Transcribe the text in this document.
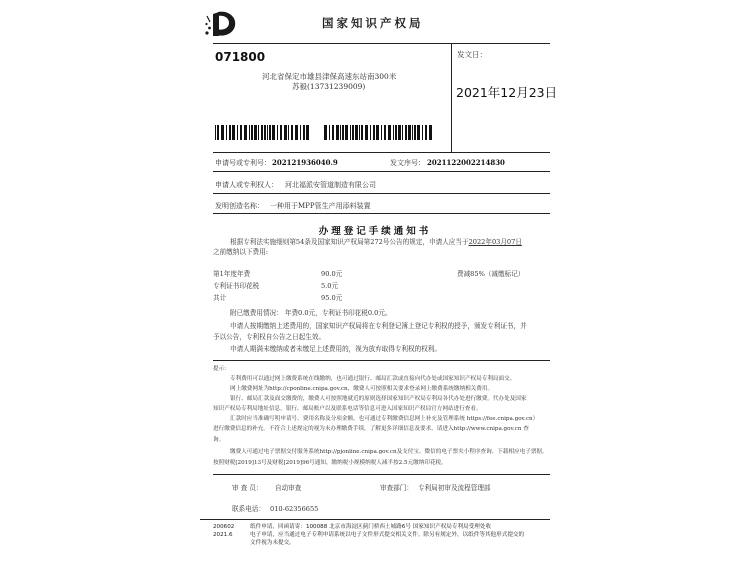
国家知识产权局
071800
河北省保定市雄县津保高速东站南300米
苏毅(13731239009)
发文日：
2021年12月23日
申请号或专利号： 202121936040.9	发文序号： 2021122002214830
申请人或专利权人： 河北福派安管道制造有限公司
发明创造名称： 一种用于MPP管生产用添料装置
办理登记手续通知书
根据专利法实施细则第54条及国家知识产权局第272号公告的规定，申请人应当于2022年03月07日
之前缴纳以下费用:
第1年度年费	90.0元	费减85%（减缴标记）
专利证书印花税	5.0元
共计	95.0元
附已缴费用情况： 年费0.0元，专利证书印花税0.0元。
申请人按期缴纳上述费用的，国家知识产权局将在专利登记簿上登记专利权的授予，颁发专利证书，并
予以公告，专利权自公告之日起生效。
申请人期满未缴纳或者未缴足上述费用的，视为放弃取得专利权的权利。
提示:
专利费用可以通过网上缴费系统在线缴纳，也可通过银行、邮局汇款或直接向代办处或国家知识产权局专利局面交。
网上缴费网址为http://cponline.cnipa.gov.cn，缴费人可按照相关要求登录网上缴费系统缴纳相关费用。
银行、邮局汇款及面交缴费的，缴费人可按照地就近的原则选择国家知识产权局专利局各代办处进行缴费。代办处及国家
知识产权局专利局地址信息，银行、邮局账户以及联系电话等信息可进入国家知识产权局官方网站进行查看。
汇款时应当准确写明申请号、费用名称及分项金额，也可通过专利缴费信息网上补充及管理系统 https://fee.cnipa.gov.cn）
进行缴费信息的补充。不符合上述规定的视为未办理缴费手续，了解更多详细信息及要求，请进入http://www.cnipa.gov.cn 查
询。
缴费人可通过电子票据交付服务系统http://pjonline.cnipa.gov.cn及支付宝、微信的电子票夹小程序查询、下载相应电子票据。
按照财税[2019]13号及财税[2019]96号通知，缴纳税小规模纳税人减半按2.5元缴纳印花税。
审 查 员： 自动审查	审查部门： 专利局初审及流程管理部
联系电话： 010-62356655
200602
2021.6
纸件申请，回函请寄：100088 北京市海淀区蓟门桥西土城路6号 国家知识产权局专利局受理处收
电子申请，应当通过电子专利申请系统以电子文件形式提交相关文件。除另有规定外，以纸件等其他形式提交的
文件视为未提交。
